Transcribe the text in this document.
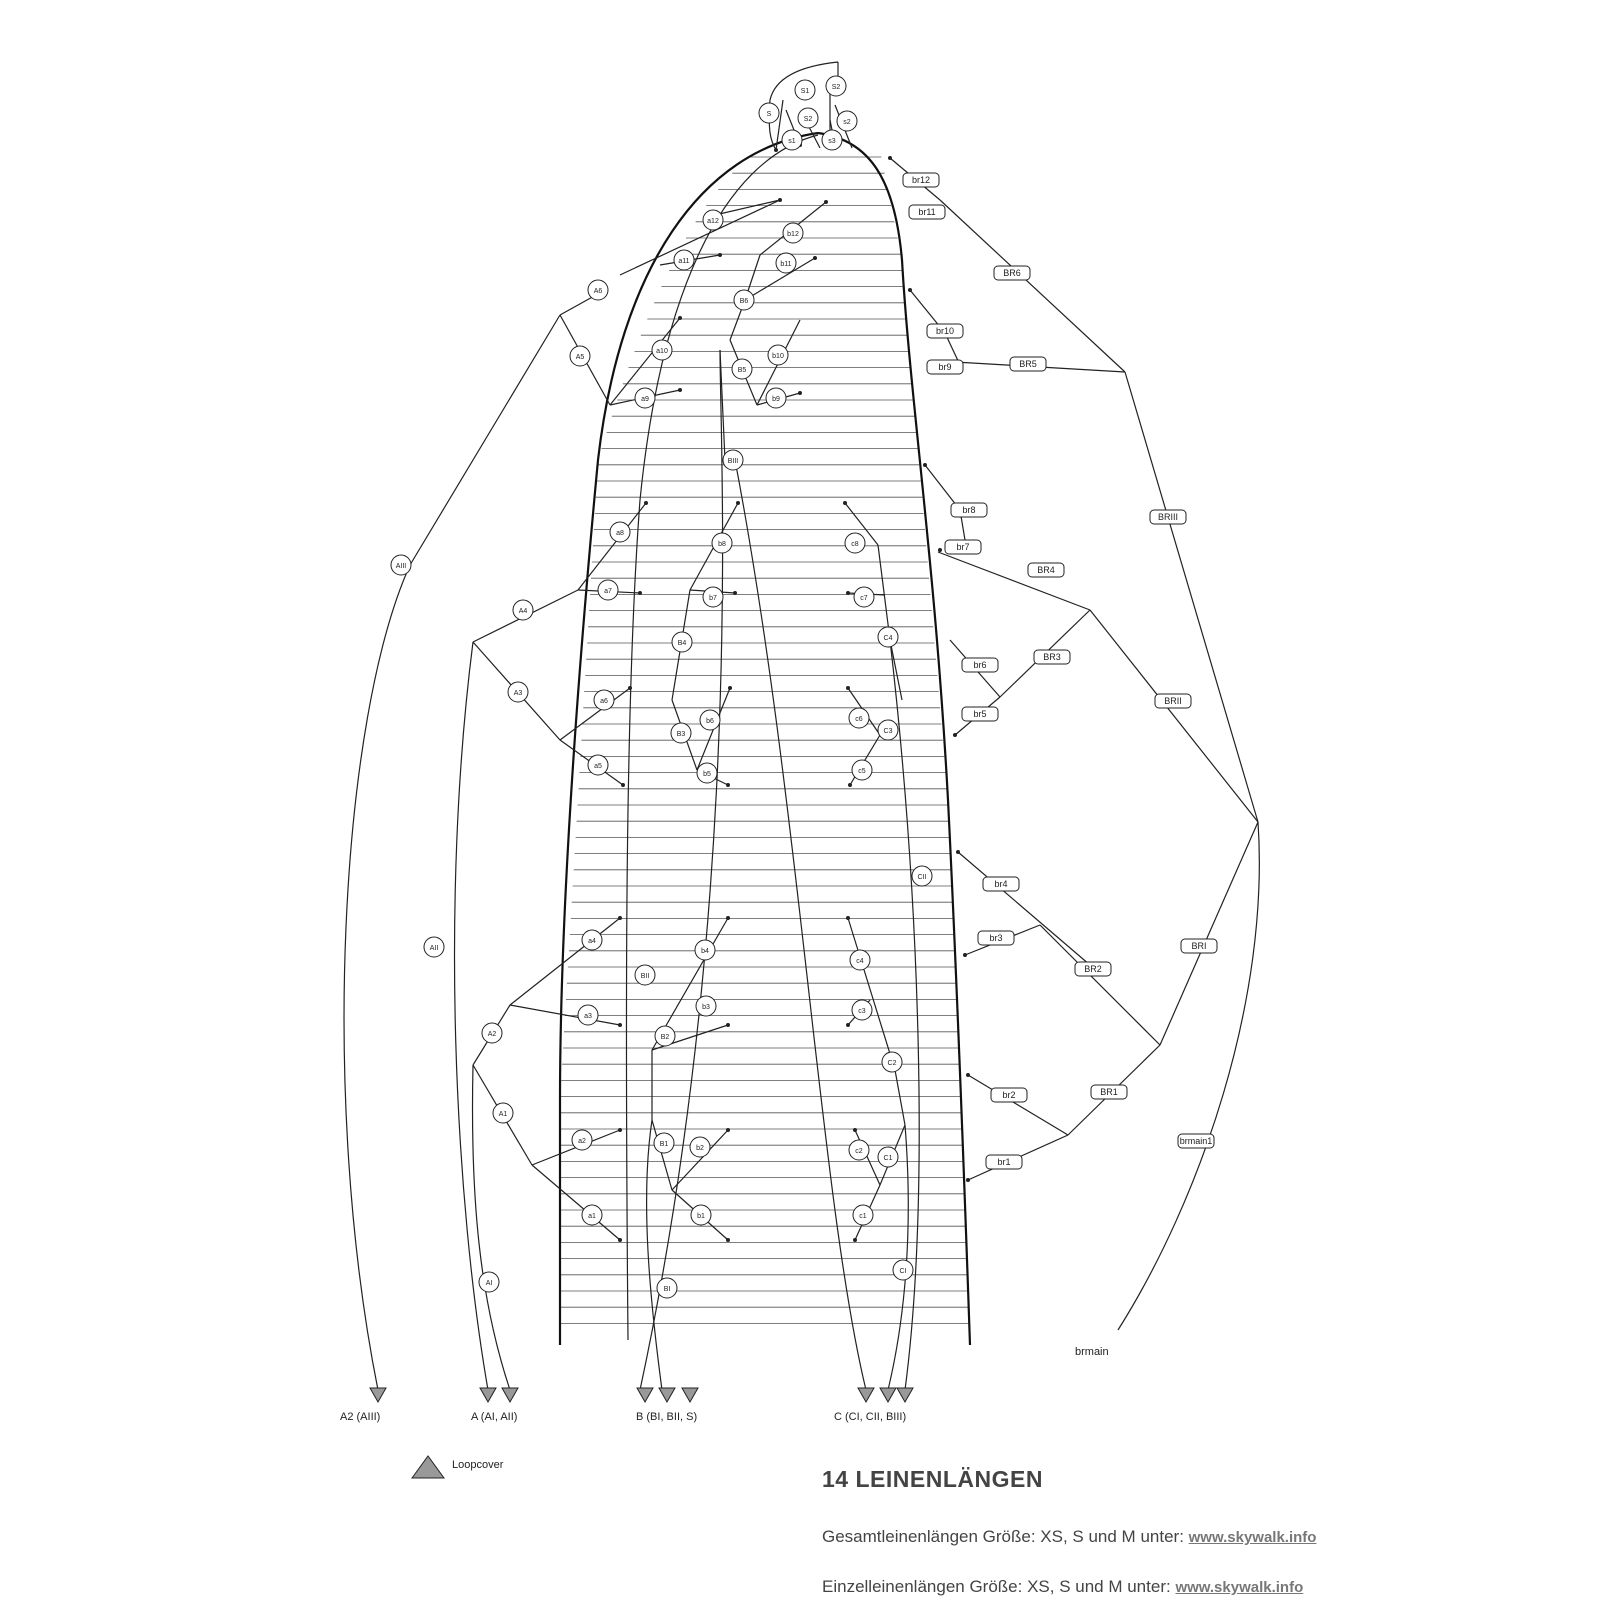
S
S1
S2
S2	s2
s1	s3
a12
a11
a10
a9
a8
a7
a6
a5
a4
a3
a2
a1
A6
A5
A4
A3
A2
A1
AIII
AII
AI
b12
b11
b10
b9
b8
b7
b6
b5
b4
b3
b2
b1
B6
B5
B4
B3
B2
B1
BIII
BII
BI
c8
c7
c6
c5
c4
c3
c2
c1
C4
C3
C2
C1
CII
CI
br12
br11
br10
br9
br8
br7
br6
br5
br4
br3
br2
br1
BR6
BR5
BR4
BR3
BR2
BR1
BRIII
BRII
BRI
brmain1
brmain
A2 (AIII)	A (AI, AII)	B (BI, BII, S)	C (CI, CII, BIII)
Loopcover
14 LEINENLÄNGEN
Gesamtleinenlängen Größe: XS, S und M unter: www.skywalk.info
Einzelleinenlängen Größe: XS, S und M unter: www.skywalk.info
